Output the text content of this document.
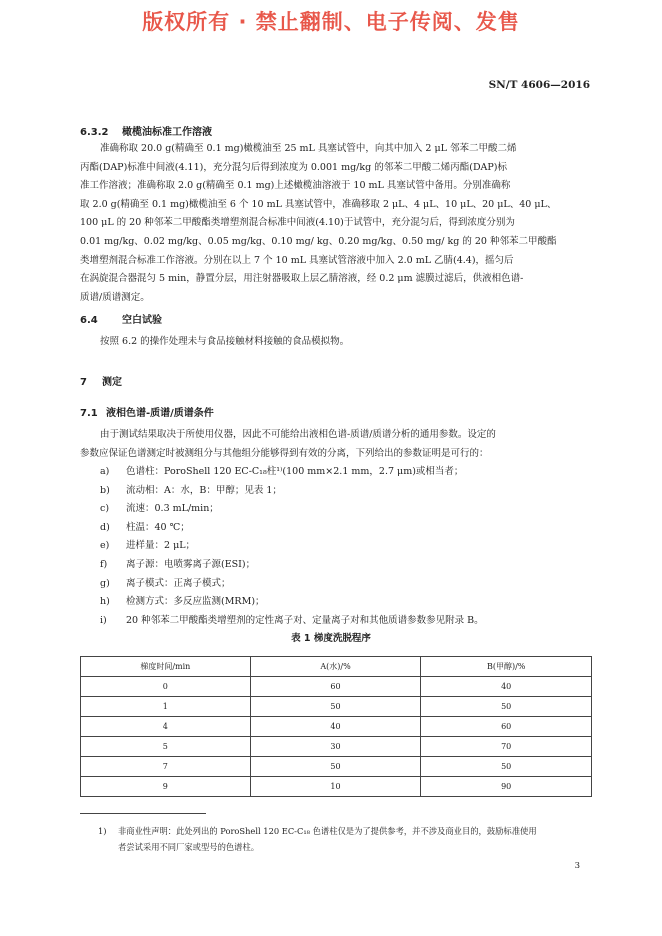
版权所有 · 禁止翻制、电子传阅、发售
SN/T 4606—2016
6.3.2 橄榄油标准工作溶液
准确称取 20.0 g(精确至 0.1 mg)橄榄油至 25 mL 具塞试管中，向其中加入 2 μL 邻苯二甲酸二烯
丙酯(DAP)标准中间液(4.11)，充分混匀后得到浓度为 0.001 mg/kg 的邻苯二甲酸二烯丙酯(DAP)标
准工作溶液；准确称取 2.0 g(精确至 0.1 mg)上述橄榄油溶液于 10 mL 具塞试管中备用。分别准确称
取 2.0 g(精确至 0.1 mg)橄榄油至 6 个 10 mL 具塞试管中，准确移取 2 μL、4 μL、10 μL、20 μL、40 μL、
100 μL 的 20 种邻苯二甲酸酯类增塑剂混合标准中间液(4.10)于试管中，充分混匀后，得到浓度分别为
0.01 mg/kg、0.02 mg/kg、0.05 mg/kg、0.10 mg/ kg、0.20 mg/kg、0.50 mg/ kg 的 20 种邻苯二甲酸酯
类增塑剂混合标准工作溶液。分别在以上 7 个 10 mL 具塞试管溶液中加入 2.0 mL 乙腈(4.4)，摇匀后
在涡旋混合器混匀 5 min，静置分层，用注射器吸取上层乙腈溶液，经 0.2 μm 滤膜过滤后，供液相色谱-
质谱/质谱测定。
6.4 空白试验
按照 6.2 的操作处理未与食品接触材料接触的食品模拟物。
7 测定
7.1 液相色谱-质谱/质谱条件
由于测试结果取决于所使用仪器，因此不可能给出液相色谱-质谱/质谱分析的通用参数。设定的
参数应保证色谱测定时被测组分与其他组分能够得到有效的分离，下列给出的参数证明是可行的：
a) 色谱柱：PoroShell 120 EC-C₁₈柱¹⁾(100 mm×2.1 mm，2.7 μm)或相当者；
b) 流动相：A：水，B：甲醇；见表 1；
c) 流速：0.3 mL/min；
d) 柱温：40 ℃；
e) 进样量：2 μL；
f) 离子源：电喷雾离子源(ESI)；
g) 离子模式：正离子模式；
h) 检测方式：多反应监测(MRM)；
i) 20 种邻苯二甲酸酯类增塑剂的定性离子对、定量离子对和其他质谱参数参见附录 B。
表 1 梯度洗脱程序
梯度时间/min	A(水)/%	B(甲醇)/%
0	60	40
1	50	50
4	40	60
5	30	70
7	50	50
9	10	90
1) 非商业性声明：此处列出的 PoroShell 120 EC-C₁₈ 色谱柱仅是为了提供参考，并不涉及商业目的，鼓励标准使用
者尝试采用不同厂家或型号的色谱柱。
3
